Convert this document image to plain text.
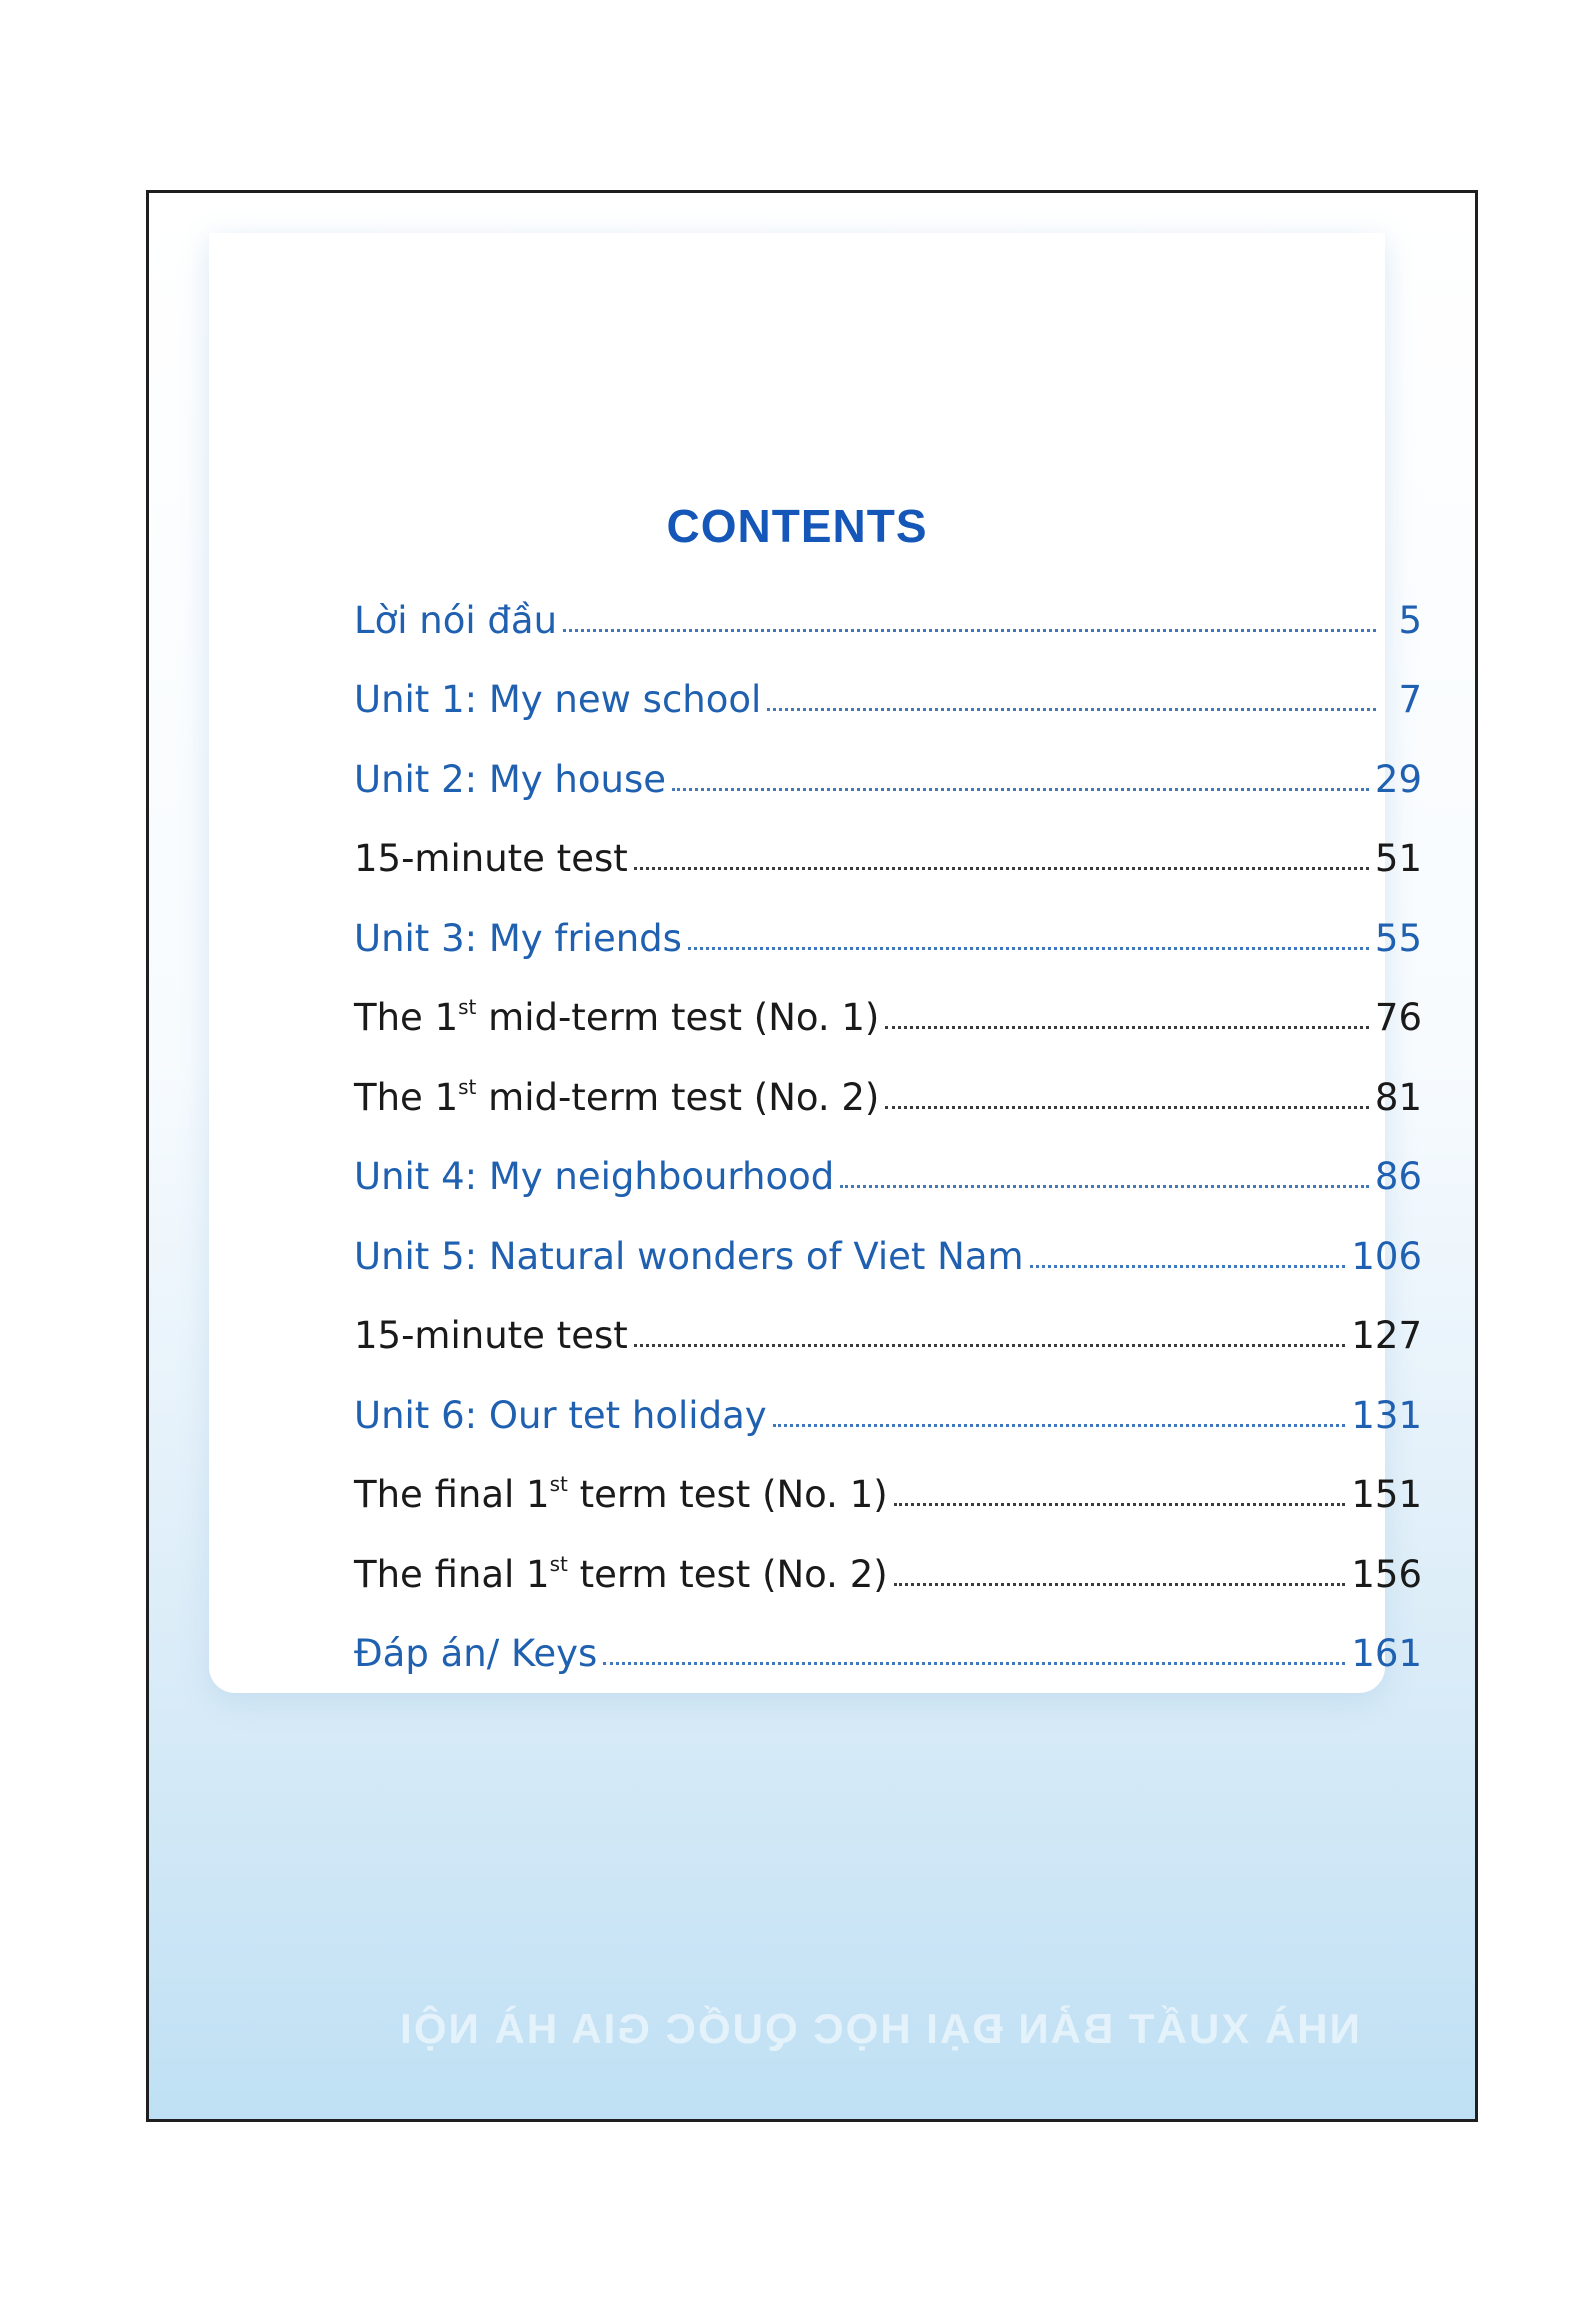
CONTENTS
Lời nói đầu	5
Unit 1: My new school	7
Unit 2: My house	29
15-minute test	51
Unit 3: My friends	55
The 1st mid-term test (No. 1)	76
The 1st mid-term test (No. 2)	81
Unit 4: My neighbourhood	86
Unit 5: Natural wonders of Viet Nam	106
15-minute test	127
Unit 6: Our tet holiday	131
The final 1st term test (No. 1)	151
The final 1st term test (No. 2)	156
Đáp án/ Keys	161
NHÀ XUẤT BẢN ĐẠI HỌC QUỐC GIA HÀ NỘI
